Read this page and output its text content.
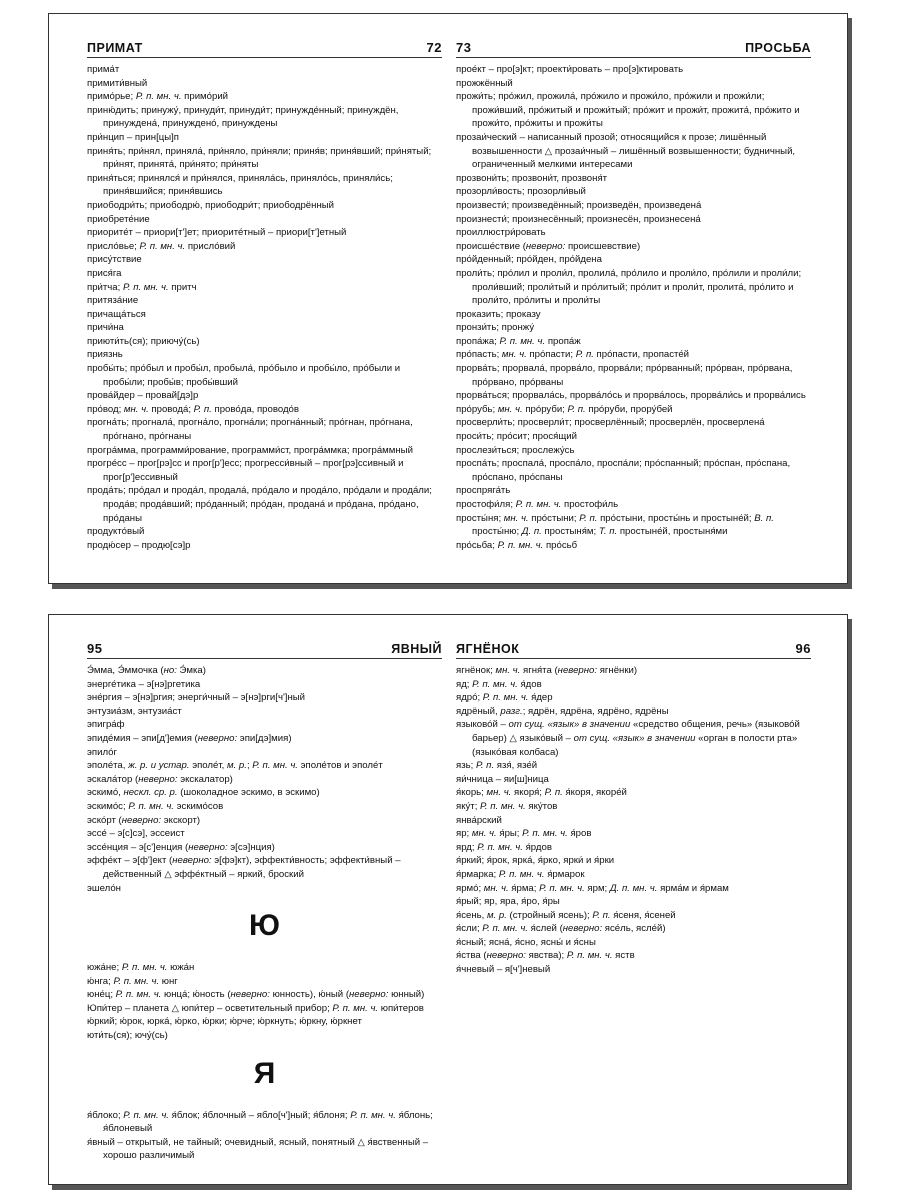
ПРИМАТ	72
прима́т
примити́вный
примо́рье; Р. п. мн. ч. примо́рий
приню́дить; принужу́, принуди́т, принуди́т; принужде́нный; принуждён, принуждена́, принуждено́, принуждены
при́нцип – прин[цы]п
приня́ть; при́нял, приняла́, при́няло, при́няли; приня́в; приня́вший; при́нятый; при́нят, принята́, при́нято; при́няты
приня́ться; принялся́ и при́нялся, приняла́сь, приняло́сь, приняли́сь; приня́вшийся; приня́вшись
приободри́ть; приободрю́, приободри́т; приободрённый
приобрете́ние
приорите́т – приори[т']ет; приорите́тный – приори[т']етный
присло́вье; Р. п. мн. ч. присло́вий
прису́тствие
прися́га
при́тча; Р. п. мн. ч. притч
притяза́ние
причаща́ться
причи́на
приюти́ть(ся); приючу́(сь)
приязнь
пробы́ть; про́был и пробы́л, пробыла́, про́было и пробы́ло, про́были и пробы́ли; пробы́в; пробы́вший
прова́йдер – провай[дэ]р
про́вод; мн. ч. провода́; Р. п. прово́да, проводо́в
прогна́ть; прогнала́, прогна́ло, прогна́ли; прогна́нный; про́гнан, про́гнана, про́гнано, про́гнаны
програ́мма, программи́рование, программи́ст, програ́ммка; програ́ммный
прогре́сс – прог[рэ]сс и прог[р']есс; прогресси́вный – прог[рэ]ссивный и прог[р']ессивный
прода́ть; про́дал и прода́л, продала́, про́дало и прода́ло, про́дали и прода́ли; прода́в; прода́вший; про́данный; про́дан, продана́ и про́дана, про́дано, про́даны
продукто́вый
продю́сер – продю[сэ]р
73	ПРОСЬБА
прое́кт – про[э]кт; проекти́ровать – про[э]ктировать
прожжённый
прожи́ть; про́жил, прожила́, про́жило и прожи́ло, про́жили и прожи́ли; прожи́вший, про́житый и прожи́тый; про́жит и прожи́т, прожита́, про́жито и прожи́то, про́житы и прожи́ты
прозаи́ческий – написанный прозой; относящийся к прозе; лишённый возвышенности △ прозаи́чный – лишённый возвышенности; будничный, ограниченный мелкими интересами
прозвони́ть; прозвони́т, прозвоня́т
прозорли́вость; прозорли́вый
произвести́; произведённый; произведён, произведена́
произнести́; произнесённый; произнесён, произнесена́
проиллюстри́ровать
происше́ствие (неверно: происшевствие)
про́йденный; про́йден, про́йдена
проли́ть; про́лил и проли́л, пролила́, про́лило и проли́ло, про́лили и проли́ли; проли́вший; проли́тый и про́литый; про́лит и проли́т, пролита́, про́лито и проли́то, про́литы и проли́ты
проказить; проказу
пронзи́ть; пронжу́
пропа́жа; Р. п. мн. ч. пропа́ж
про́пасть; мн. ч. про́пасти; Р. п. про́пасти, пропасте́й
прорва́ть; прорвала́, прорва́ло, прорва́ли; про́рванный; про́рван, про́рвана, про́рвано, про́рваны
прорва́ться; прорвала́сь, прорва́ло́сь и прорва́лось, прорва́ли́сь и прорва́лись
про́рубь; мн. ч. про́руби; Р. п. про́руби, прору́бей
просверли́ть; просверли́т; просверлённый; просверлён, просверлена́
проси́ть; про́сит; прося́щий
прослези́ться; прослежу́сь
проспа́ть; проспала́, проспа́ло, проспа́ли; про́спанный; про́спан, про́спана, про́спано, про́спаны
проспряга́ть
простофи́ля; Р. п. мн. ч. простофи́ль
просты́ня; мн. ч. про́стыни; Р. п. про́стыни, просты́нь и простыне́й; В. п. просты́ню; Д. п. простыня́м; Т. п. простыне́й, простыня́ми
про́сьба; Р. п. мн. ч. про́сьб
95	ЯВНЫЙ
Э́мма, Э́ммочка (но: Э́мка)
энерге́тика – э[нэ]ргетика
эне́ргия – э[нэ]ргия; энерги́чный – э[нэ]рги[ч']ный
энтузиа́зм, энтузиа́ст
эпигра́ф
эпиде́мия – эпи[д']емия (неверно: эпи[дэ]мия)
эпило́г
эполе́та, ж. р. и устар. эполе́т, м. р.; Р. п. мн. ч. эполе́тов и эполе́т
эскала́тор (неверно: экскалатор)
эскимо́, нескл. ср. р. (шоколадное эскимо, в эскимо)
эскимо́с; Р. п. мн. ч. эскимо́сов
эско́рт (неверно: экскорт)
эссе́ – э[с]сэ], эссеист
эссе́нция – э[с']енция (неверно: э[сэ]нция)
эффе́кт – э[ф']ект (неверно: э[фэ]кт), эффекти́вность; эффекти́вный – действенный △ эффе́ктный – яркий, броский
эшело́н
Ю
южа́не; Р. п. мн. ч. южа́н
ю́нга; Р. п. мн. ч. юнг
юне́ц; Р. п. мн. ч. юнца́; ю́ность (неверно: юнность), ю́ный (неверно: юнный)
Юпи́тер – планета △ юпи́тер – осветительный прибор; Р. п. мн. ч. юпи́теров
ю́ркий; ю́рок, юрка́, ю́рко, ю́рки; ю́рче; ю́ркнуть; ю́ркну, ю́ркнет
юти́ть(ся); ючу́(сь)
Я
я́блоко; Р. п. мн. ч. я́блок; я́блочный – ябло[ч']ный; я́блоня; Р. п. мн. ч. я́блонь; я́блоневый
я́вный – открытый, не тайный; очевидный, ясный, понятный △ я́вственный – хорошо различимый
ЯГНЁНОК	96
ягнёнок; мн. ч. ягня́та (неверно: ягнёнки)
яд; Р. п. мн. ч. я́дов
ядро́; Р. п. мн. ч. я́дер
ядрёный, разг.; ядрён, ядрёна, ядрёно, ядрёны
языково́й – от сущ. «язык» в значении «средство общения, речь» (языково́й барьер) △ языко́вый – от сущ. «язык» в значении «орган в полости рта» (языко́вая колбаса)
язь; Р. п. язя́, язе́й
яи́чница – яи[ш]ница
я́корь; мн. ч. якоря́; Р. п. я́коря, якоре́й
яку́т; Р. п. мн. ч. яку́тов
янва́рский
яр; мн. ч. я́ры; Р. п. мн. ч. я́ров
ярд; Р. п. мн. ч. я́рдов
я́ркий; я́рок, ярка́, я́рко, ярки́ и я́рки
я́рмарка; Р. п. мн. ч. я́рмарок
ярмо́; мн. ч. я́рма; Р. п. мн. ч. ярм; Д. п. мн. ч. ярма́м и я́рмам
я́рый; яр, яра, я́ро, я́ры
я́сень, м. р. (стройный ясень); Р. п. я́сеня, я́сеней
я́сли; Р. п. мн. ч. я́слей (неверно: ясе́ль, ясле́й)
я́сный; ясна́, я́сно, ясны́ и я́сны
я́ства (неверно: явства); Р. п. мн. ч. яств
я́чневый – я[ч']невый
